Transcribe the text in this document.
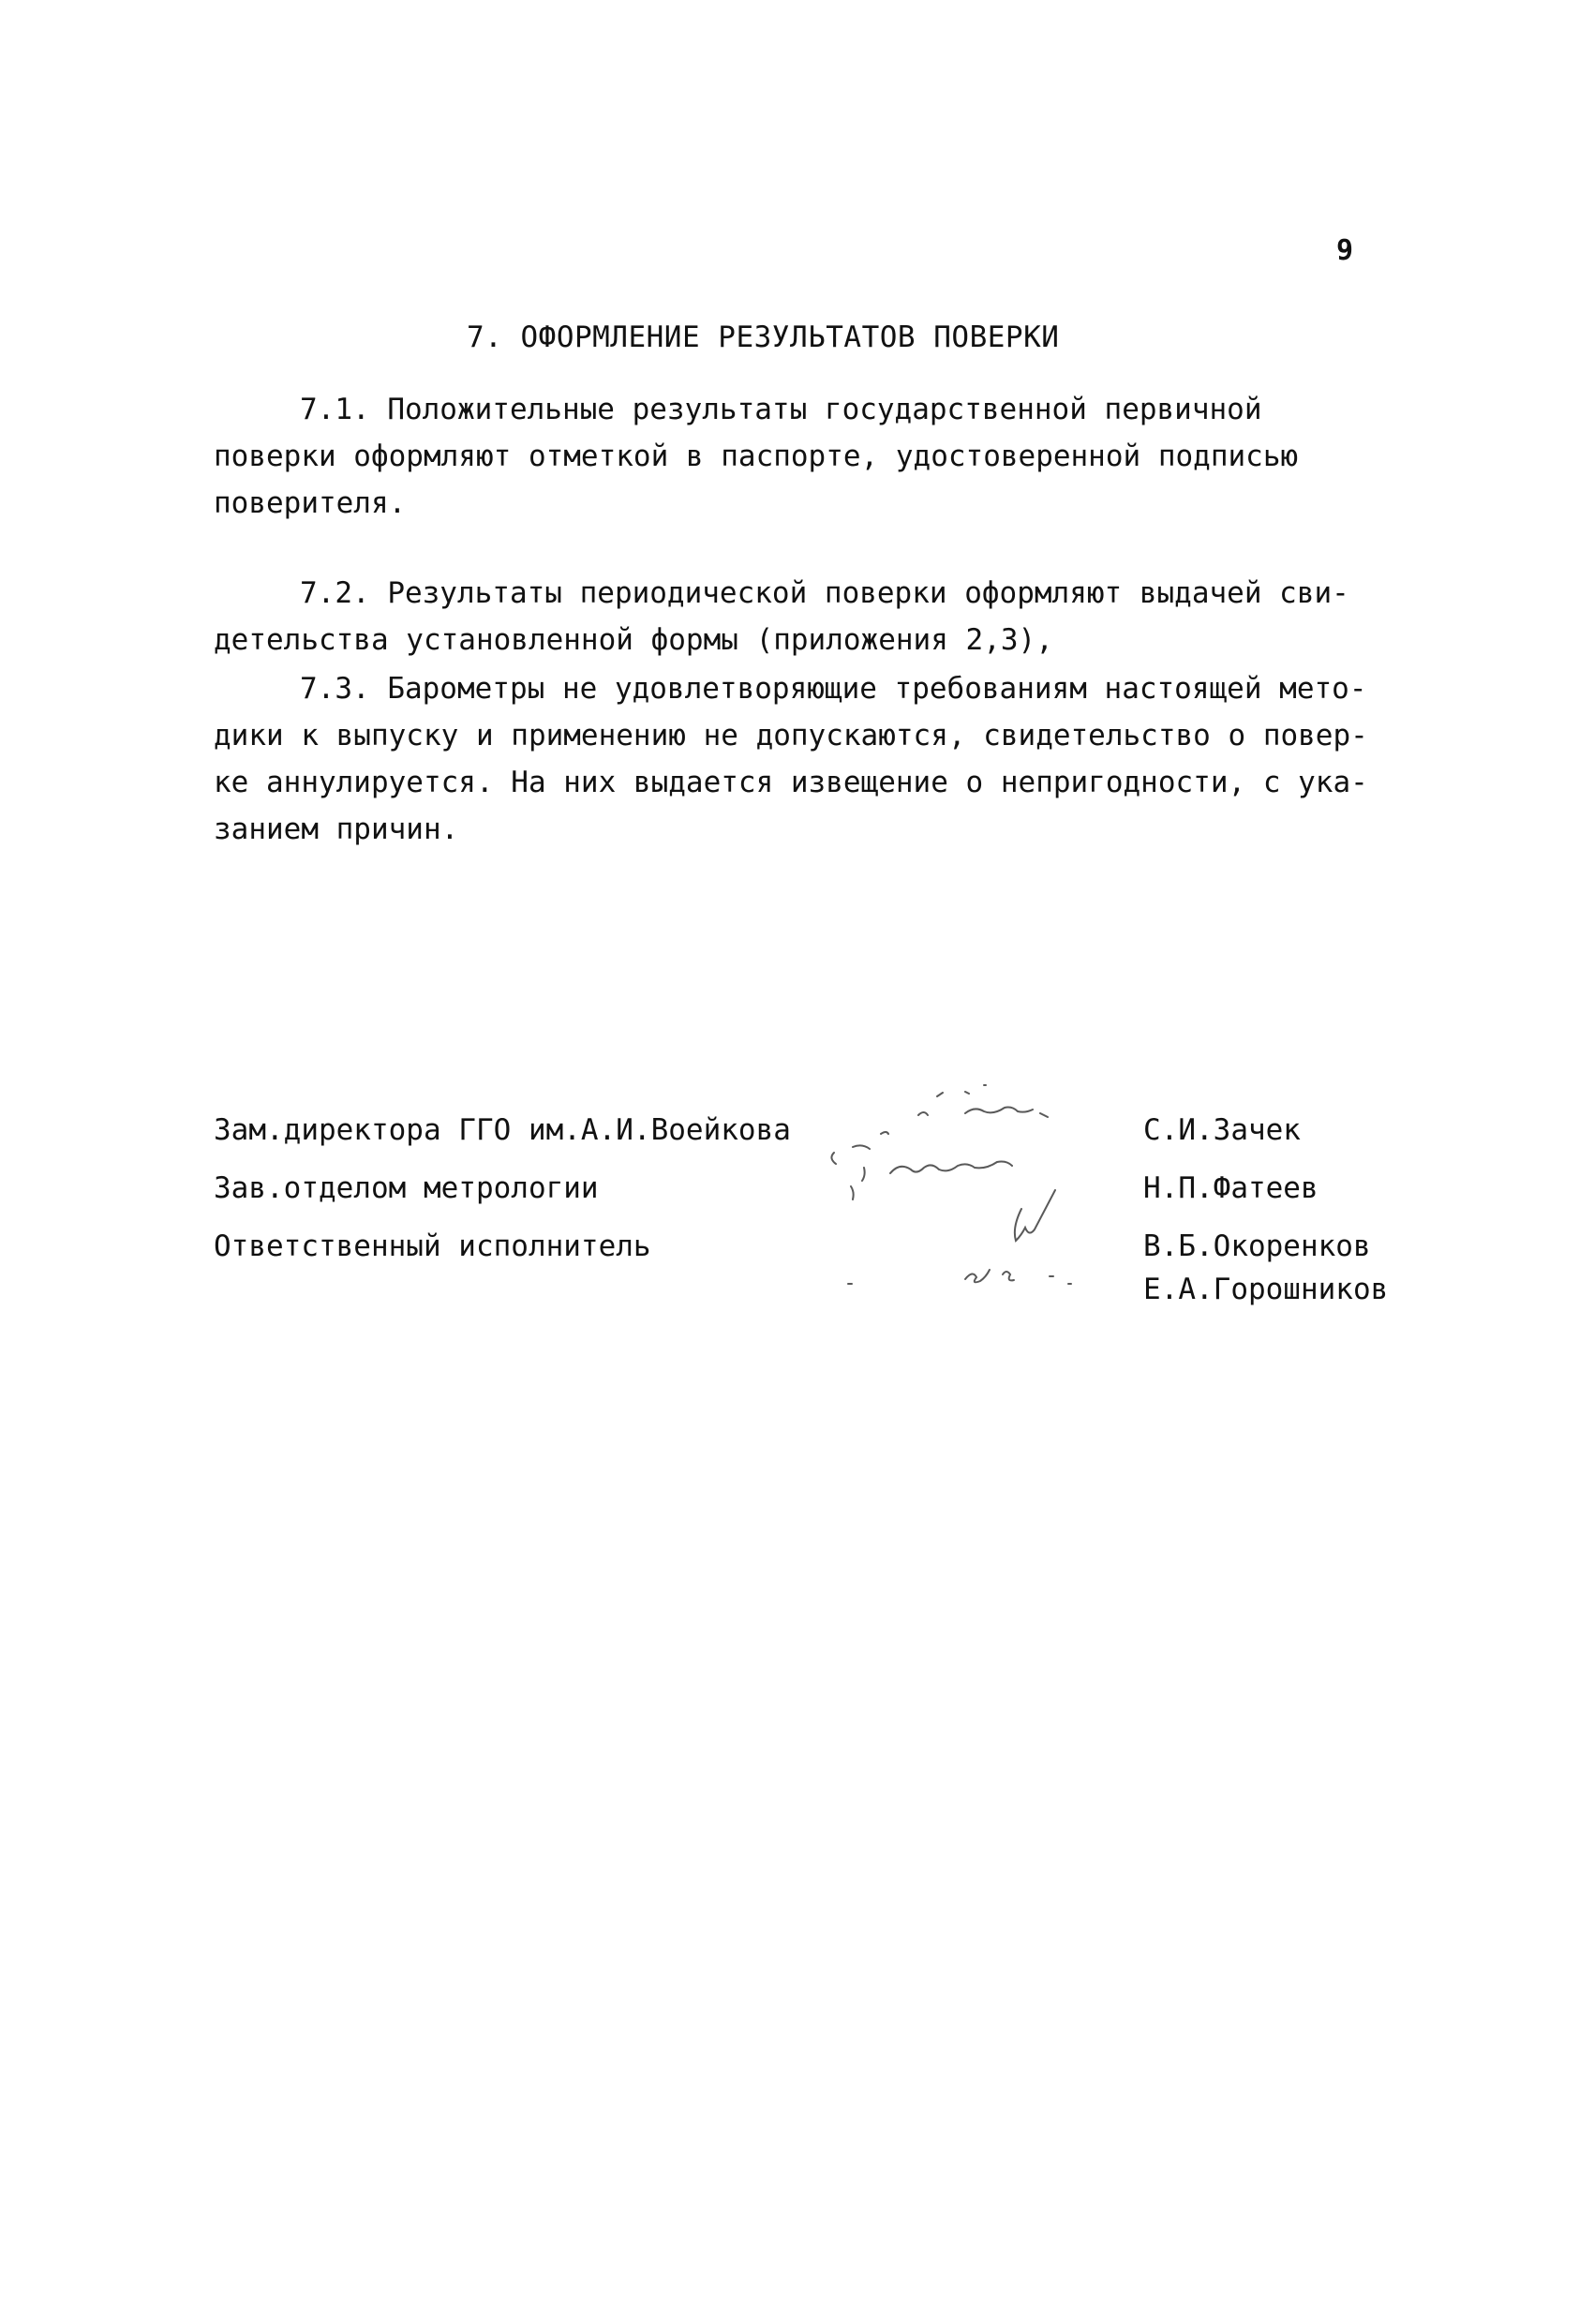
9
7. ОФОРМЛЕНИЕ РЕЗУЛЬТАТОВ ПОВЕРКИ
7.1. Положительные результаты государственной первичной
поверки оформляют отметкой в паспорте, удостоверенной подписью
поверителя.
7.2. Результаты периодической поверки оформляют выдачей сви-
детельства установленной формы (приложения 2,3),
7.3. Барометры не удовлетворяющие требованиям настоящей мето-
дики к выпуску и применению не допускаются, свидетельство о повер-
ке аннулируется. На них выдается извещение о непригодности, с ука-
занием причин.
Зам.директора ГГО им.А.И.Воейкова
Зав.отделом метрологии
Ответственный исполнитель
С.И.Зачек
Н.П.Фатеев
В.Б.Окоренков
Е.А.Горошников
